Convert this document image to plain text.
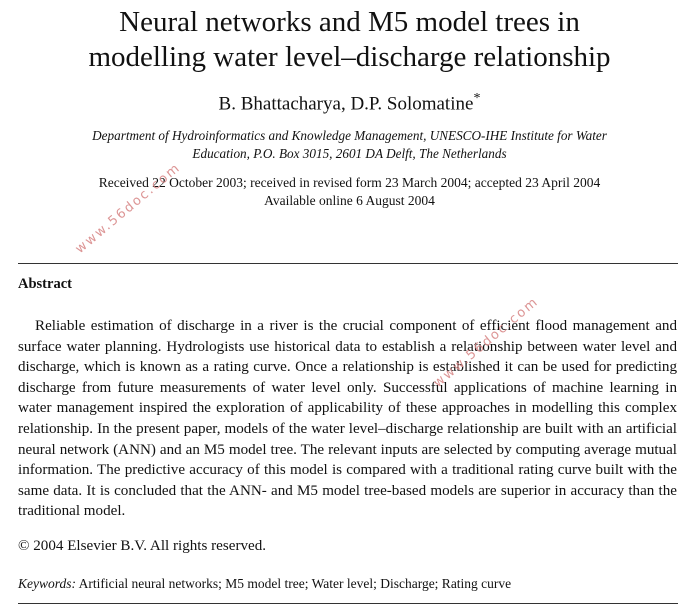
Neural networks and M5 model trees in
modelling water level–discharge relationship
B. Bhattacharya, D.P. Solomatine*
Department of Hydroinformatics and Knowledge Management, UNESCO-IHE Institute for Water
Education, P.O. Box 3015, 2601 DA Delft, The Netherlands
Received 22 October 2003; received in revised form 23 March 2004; accepted 23 April 2004
Available online 6 August 2004
Abstract
Reliable estimation of discharge in a river is the crucial component of efficient flood management and surface water planning. Hydrologists use historical data to establish a relationship between water level and discharge, which is known as a rating curve. Once a relationship is established it can be used for predicting discharge from future measurements of water level only. Successful applications of machine learning in water management inspired the exploration of applicability of these approaches in modelling this complex relationship. In the present paper, models of the water level–discharge relationship are built with an artificial neural network (ANN) and an M5 model tree. The relevant inputs are selected by computing average mutual information. The predictive accuracy of this model is compared with a traditional rating curve built with the same data. It is concluded that the ANN- and M5 model tree-based models are superior in accuracy than the traditional model.
© 2004 Elsevier B.V. All rights reserved.
Keywords: Artificial neural networks; M5 model tree; Water level; Discharge; Rating curve
www.56doc.com
www.56doc.com
